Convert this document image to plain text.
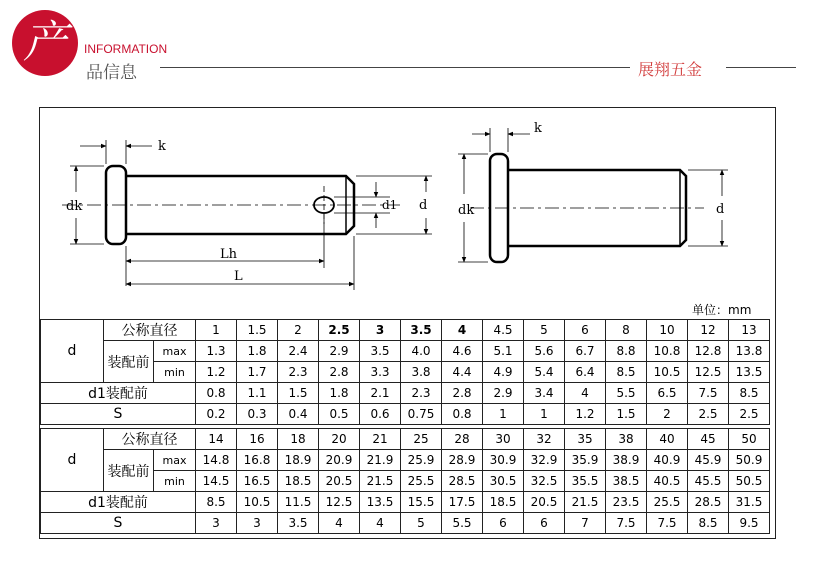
产	INFORMATION
品信息	展翔五金
k
dk	d1 d
Lh
L
k
dk	d
单位：mm
d	公称直径		1	1.5	2	2.5	3	3.5	4	4.5	5	6	8	10	12	13
	装配前	max	1.3	1.8	2.4	2.9	3.5	4.0	4.6	5.1	5.6	6.7	8.8	10.8	12.8	13.8
		min	1.2	1.7	2.3	2.8	3.3	3.8	4.4	4.9	5.4	6.4	8.5	10.5	12.5	13.5
d1装配前			0.8	1.1	1.5	1.8	2.1	2.3	2.8	2.9	3.4	4	5.5	6.5	7.5	8.5
S			0.2	0.3	0.4	0.5	0.6	0.75	0.8	1	1	1.2	1.5	2	2.5	2.5
d	公称直径		14	16	18	20	21	25	28	30	32	35	38	40	45	50
	装配前	max	14.8	16.8	18.9	20.9	21.9	25.9	28.9	30.9	32.9	35.9	38.9	40.9	45.9	50.9
		min	14.5	16.5	18.5	20.5	21.5	25.5	28.5	30.5	32.5	35.5	38.5	40.5	45.5	50.5
d1装配前			8.5	10.5	11.5	12.5	13.5	15.5	17.5	18.5	20.5	21.5	23.5	25.5	28.5	31.5
S			3	3	3.5	4	4	5	5.5	6	6	7	7.5	7.5	8.5	9.5
